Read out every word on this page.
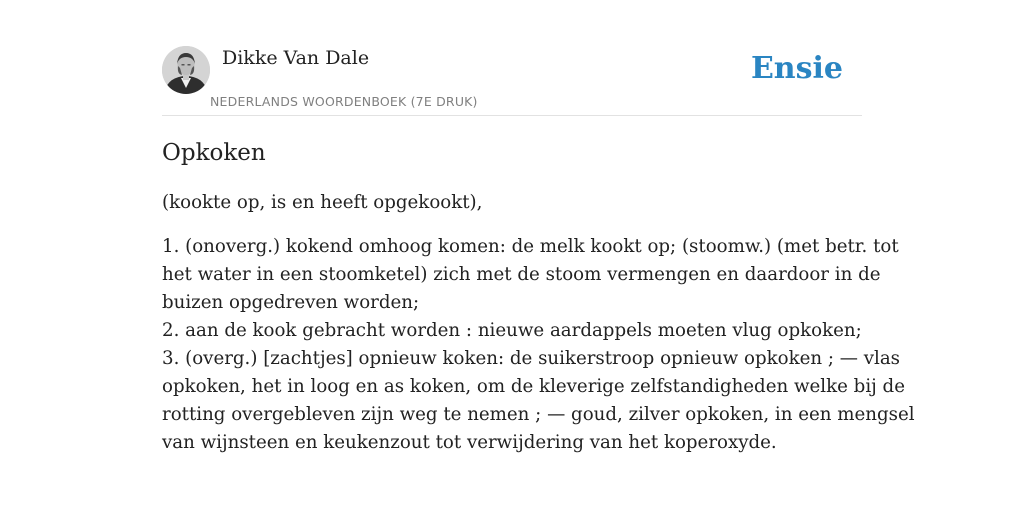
Dikke Van Dale
NEDERLANDS WOORDENBOEK (7E DRUK)
Ensie
Opkoken

(kookte op, is en heeft opgekookt),

1. (onoverg.) kokend omhoog komen: de melk kookt op; (stoomw.) (met betr. tot
het water in een stoomketel) zich met de stoom vermengen en daardoor in de
buizen opgedreven worden;
2. aan de kook gebracht worden : nieuwe aardappels moeten vlug opkoken;
3. (overg.) [zachtjes] opnieuw koken: de suikerstroop opnieuw opkoken ; — vlas
opkoken, het in loog en as koken, om de kleverige zelfstandigheden welke bij de
rotting overgebleven zijn weg te nemen ; — goud, zilver opkoken, in een mengsel
van wijnsteen en keukenzout tot verwijdering van het koperoxyde.
